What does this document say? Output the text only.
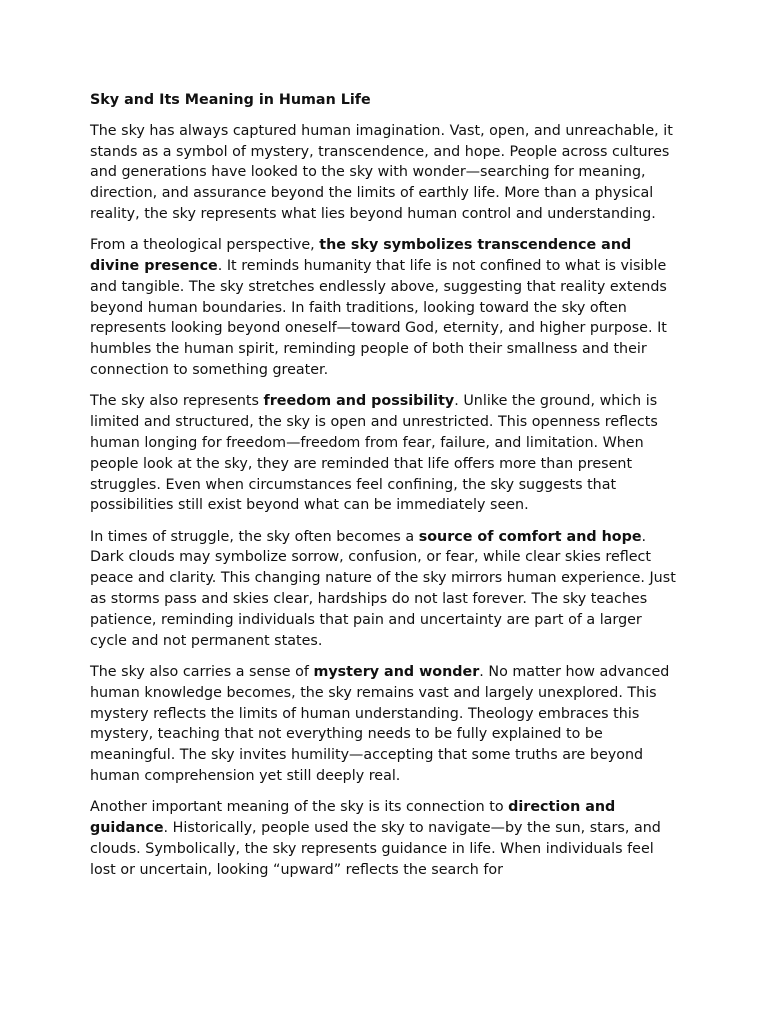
Sky and Its Meaning in Human Life

The sky has always captured human imagination. Vast, open, and unreachable, it stands as a symbol of mystery, transcendence, and hope. People across cultures and generations have looked to the sky with wonder—searching for meaning, direction, and assurance beyond the limits of earthly life. More than a physical reality, the sky represents what lies beyond human control and understanding.

From a theological perspective, the sky symbolizes transcendence and divine presence. It reminds humanity that life is not confined to what is visible and tangible. The sky stretches endlessly above, suggesting that reality extends beyond human boundaries. In faith traditions, looking toward the sky often represents looking beyond oneself—toward God, eternity, and higher purpose. It humbles the human spirit, reminding people of both their smallness and their connection to something greater.

The sky also represents freedom and possibility. Unlike the ground, which is limited and structured, the sky is open and unrestricted. This openness reflects human longing for freedom—freedom from fear, failure, and limitation. When people look at the sky, they are reminded that life offers more than present struggles. Even when circumstances feel confining, the sky suggests that possibilities still exist beyond what can be immediately seen.

In times of struggle, the sky often becomes a source of comfort and hope. Dark clouds may symbolize sorrow, confusion, or fear, while clear skies reflect peace and clarity. This changing nature of the sky mirrors human experience. Just as storms pass and skies clear, hardships do not last forever. The sky teaches patience, reminding individuals that pain and uncertainty are part of a larger cycle and not permanent states.

The sky also carries a sense of mystery and wonder. No matter how advanced human knowledge becomes, the sky remains vast and largely unexplored. This mystery reflects the limits of human understanding. Theology embraces this mystery, teaching that not everything needs to be fully explained to be meaningful. The sky invites humility—accepting that some truths are beyond human comprehension yet still deeply real.

Another important meaning of the sky is its connection to direction and guidance. Historically, people used the sky to navigate—by the sun, stars, and clouds. Symbolically, the sky represents guidance in life. When individuals feel lost or uncertain, looking “upward” reflects the search for
